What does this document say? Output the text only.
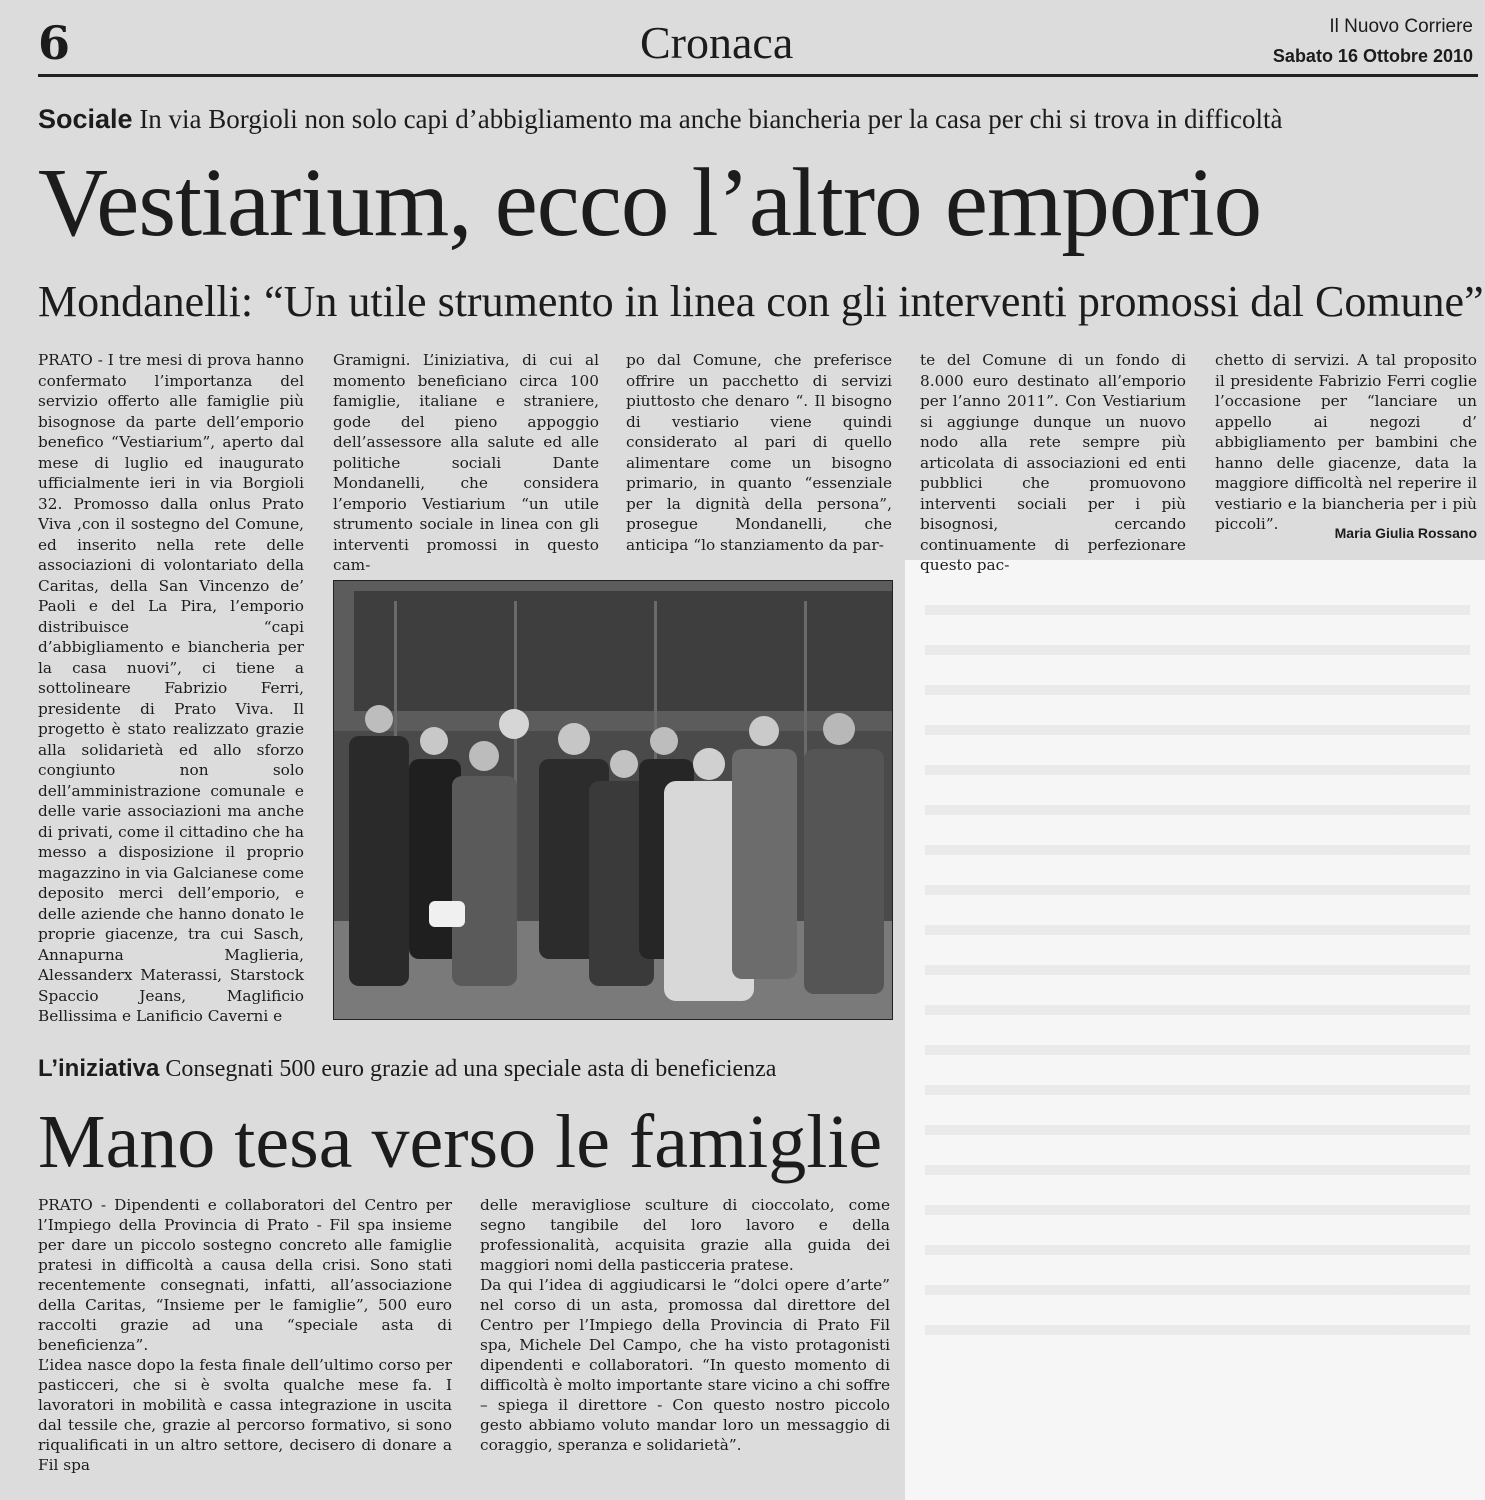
6	Cronaca	Il Nuovo Corriere
Sabato 16 Ottobre 2010
Sociale In via Borgioli non solo capi d’abbigliamento ma anche biancheria per la casa per chi si trova in difficoltà
Vestiarium, ecco l’altro emporio
Mondanelli: “Un utile strumento in linea con gli interventi promossi dal Comune”

PRATO - I tre mesi di prova hanno confermato l’importanza del servizio offerto alle famiglie più bisognose da parte dell’emporio benefico “Vestiarium”, aperto dal mese di luglio ed inaugurato ufficialmente ieri in via Borgioli 32. Promosso dalla onlus Prato Viva ,con il sostegno del Comune, ed inserito nella rete delle associazioni di volontariato della Caritas, della San Vincenzo de’ Paoli e del La Pira, l’emporio distribuisce “capi d’abbigliamento e biancheria per la casa nuovi”, ci tiene a sottolineare Fabrizio Ferri, presidente di Prato Viva. Il progetto è stato realizzato grazie alla solidarietà ed allo sforzo congiunto non solo dell’amministrazione comunale e delle varie associazioni ma anche di privati, come il cittadino che ha messo a disposizione il proprio magazzino in via Galcianese come deposito merci dell’emporio, e delle aziende che hanno donato le proprie giacenze, tra cui Sasch, Annapurna Maglieria, Alessanderx Materassi, Starstock Spaccio Jeans, Maglificio Bellissima e Lanificio Caverni e

Gramigni. L’iniziativa, di cui al momento beneficiano circa 100 famiglie, italiane e straniere, gode del pieno appoggio dell’assessore alla salute ed alle politiche sociali Dante Mondanelli, che considera l’emporio Vestiarium “un utile strumento sociale in linea con gli interventi promossi in questo cam-

po dal Comune, che preferisce offrire un pacchetto di servizi piuttosto che denaro “. Il bisogno di vestiario viene quindi considerato al pari di quello alimentare come un bisogno primario, in quanto “essenziale per la dignità della persona”, prosegue Mondanelli, che anticipa “lo stanziamento da par-

te del Comune di un fondo di 8.000 euro destinato all’emporio per l’anno 2011”. Con Vestiarium si aggiunge dunque un nuovo nodo alla rete sempre più articolata di associazioni ed enti pubblici che promuovono interventi sociali per i più bisognosi, cercando continuamente di perfezionare questo pac-

chetto di servizi. A tal proposito il presidente Fabrizio Ferri coglie l’occasione per “lanciare un appello ai negozi d’ abbigliamento per bambini che hanno delle giacenze, data la maggiore difficoltà nel reperire il vestiario e la biancheria per i più piccoli”.	Maria Giulia Rossano
L’iniziativa Consegnati 500 euro grazie ad una speciale asta di beneficienza
Mano tesa verso le famiglie

PRATO - Dipendenti e collaboratori del Centro per l’Impiego della Provincia di Prato - Fil spa insieme per dare un piccolo sostegno concreto alle famiglie pratesi in difficoltà a causa della crisi. Sono stati recentemente consegnati, infatti, all’associazione della Caritas, “Insieme per le famiglie”, 500 euro raccolti grazie ad una “speciale asta di beneficienza”.

L’idea nasce dopo la festa finale dell’ultimo corso per pasticceri, che si è svolta qualche mese fa. I lavoratori in mobilità e cassa integrazione in uscita dal tessile che, grazie al percorso formativo, si sono riqualificati in un altro settore, decisero di donare a Fil spa

delle meravigliose sculture di cioccolato, come segno tangibile del loro lavoro e della professionalità, acquisita grazie alla guida dei maggiori nomi della pasticceria pratese.

Da qui l’idea di aggiudicarsi le “dolci opere d’arte” nel corso di un asta, promossa dal direttore del Centro per l’Impiego della Provincia di Prato Fil spa, Michele Del Campo, che ha visto protagonisti dipendenti e collaboratori. “In questo momento di difficoltà è molto importante stare vicino a chi soffre – spiega il direttore - Con questo nostro piccolo gesto abbiamo voluto mandar loro un messaggio di coraggio, speranza e solidarietà”.
